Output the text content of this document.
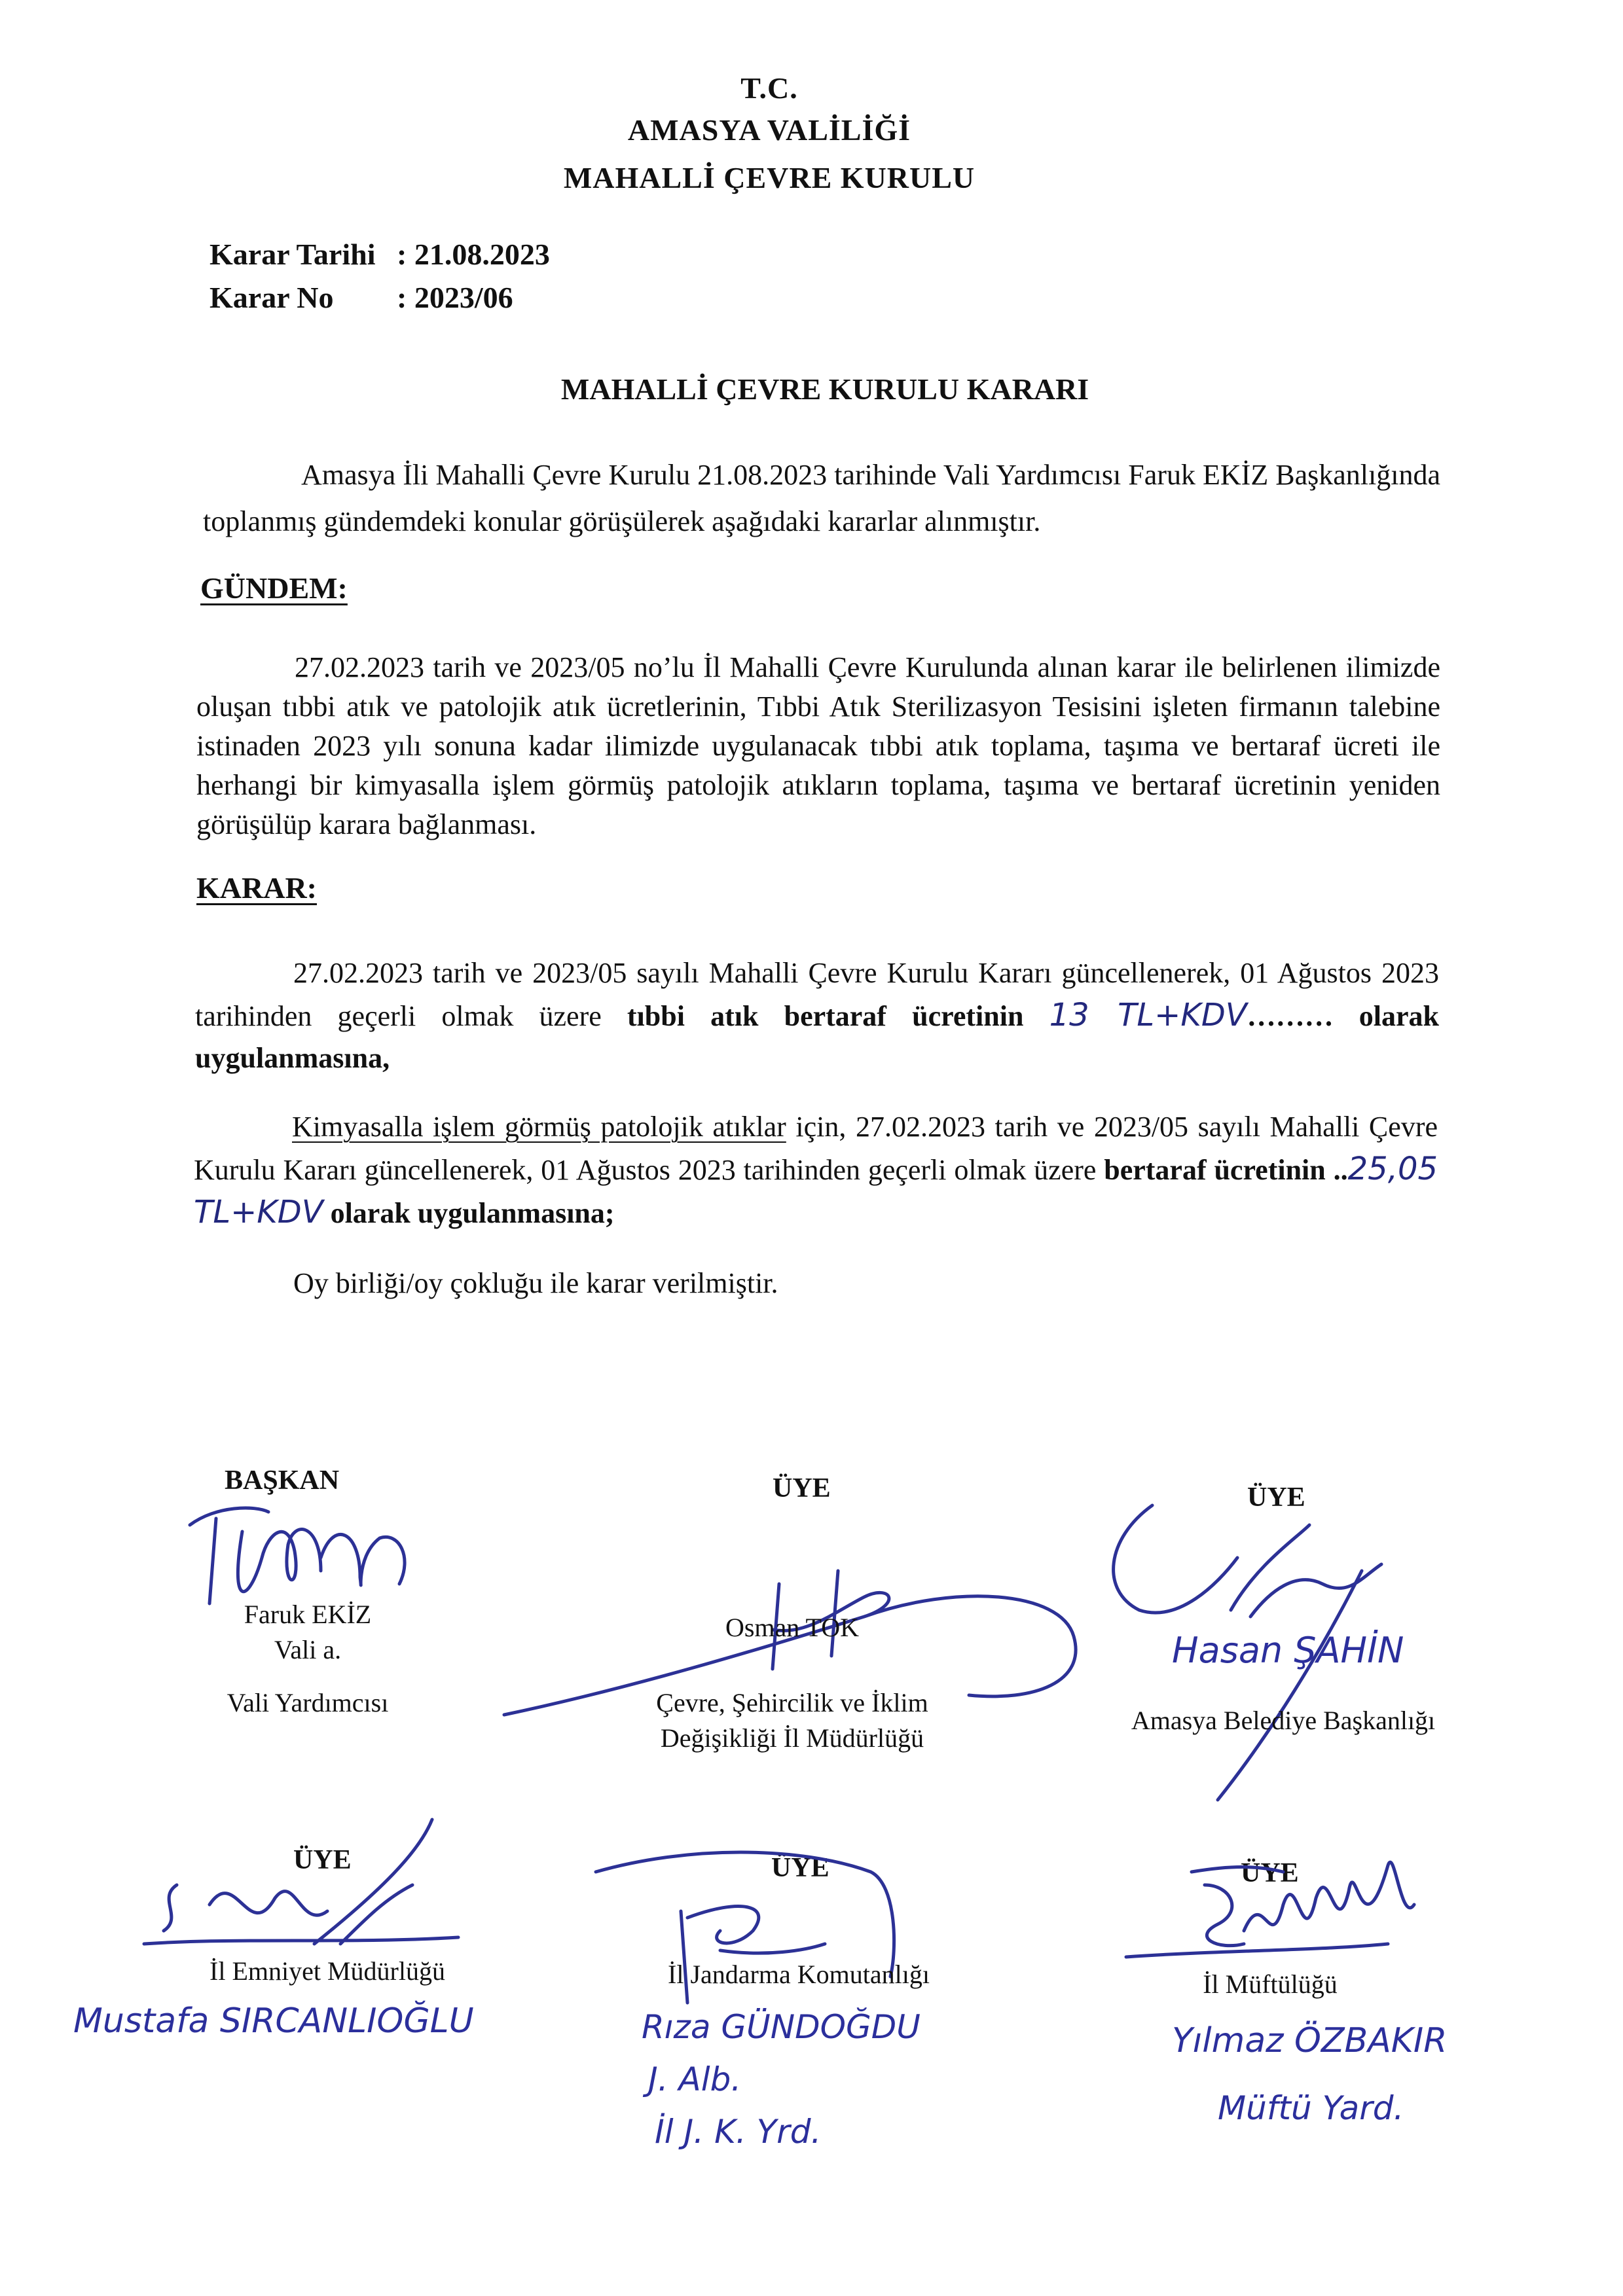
T.C.
AMASYA VALİLİĞİ
MAHALLİ ÇEVRE KURULU
Karar Tarihi : 21.08.2023
Karar No : 2023/06
MAHALLİ ÇEVRE KURULU KARARI
Amasya İli Mahalli Çevre Kurulu 21.08.2023 tarihinde Vali Yardımcısı Faruk EKİZ Başkanlığında toplanmış gündemdeki konular görüşülerek aşağıdaki kararlar alınmıştır.
GÜNDEM:
27.02.2023 tarih ve 2023/05 no’lu İl Mahalli Çevre Kurulunda alınan karar ile belirlenen ilimizde oluşan tıbbi atık ve patolojik atık ücretlerinin, Tıbbi Atık Sterilizasyon Tesisini işleten firmanın talebine istinaden 2023 yılı sonuna kadar ilimizde uygulanacak tıbbi atık toplama, taşıma ve bertaraf ücreti ile herhangi bir kimyasalla işlem görmüş patolojik atıkların toplama, taşıma ve bertaraf ücretinin yeniden görüşülüp karara bağlanması.
KARAR:
27.02.2023 tarih ve 2023/05 sayılı Mahalli Çevre Kurulu Kararı güncellenerek, 01 Ağustos 2023 tarihinden geçerli olmak üzere tıbbi atık bertaraf ücretinin 13 TL+KDV……… olarak uygulanmasına,
Kimyasalla işlem görmüş patolojik atıklar için, 27.02.2023 tarih ve 2023/05 sayılı Mahalli Çevre Kurulu Kararı güncellenerek, 01 Ağustos 2023 tarihinden geçerli olmak üzere bertaraf ücretinin ..25,05 TL+KDV olarak uygulanmasına;
Oy birliği/oy çokluğu ile karar verilmiştir.
BAŞKAN
Faruk EKİZ
Vali a.
Vali Yardımcısı
ÜYE
Osman TOK
Çevre, Şehircilik ve İklim
Değişikliği İl Müdürlüğü
ÜYE
Hasan ŞAHİN
Amasya Belediye Başkanlığı
ÜYE
İl Emniyet Müdürlüğü
Mustafa SIRCANLIOĞLU
ÜYE
İl Jandarma Komutanlığı
Rıza GÜNDOĞDU
J. Alb.
İl J. K. Yrd.
ÜYE
İl Müftülüğü
Yılmaz ÖZBAKIR
Müftü Yard.
